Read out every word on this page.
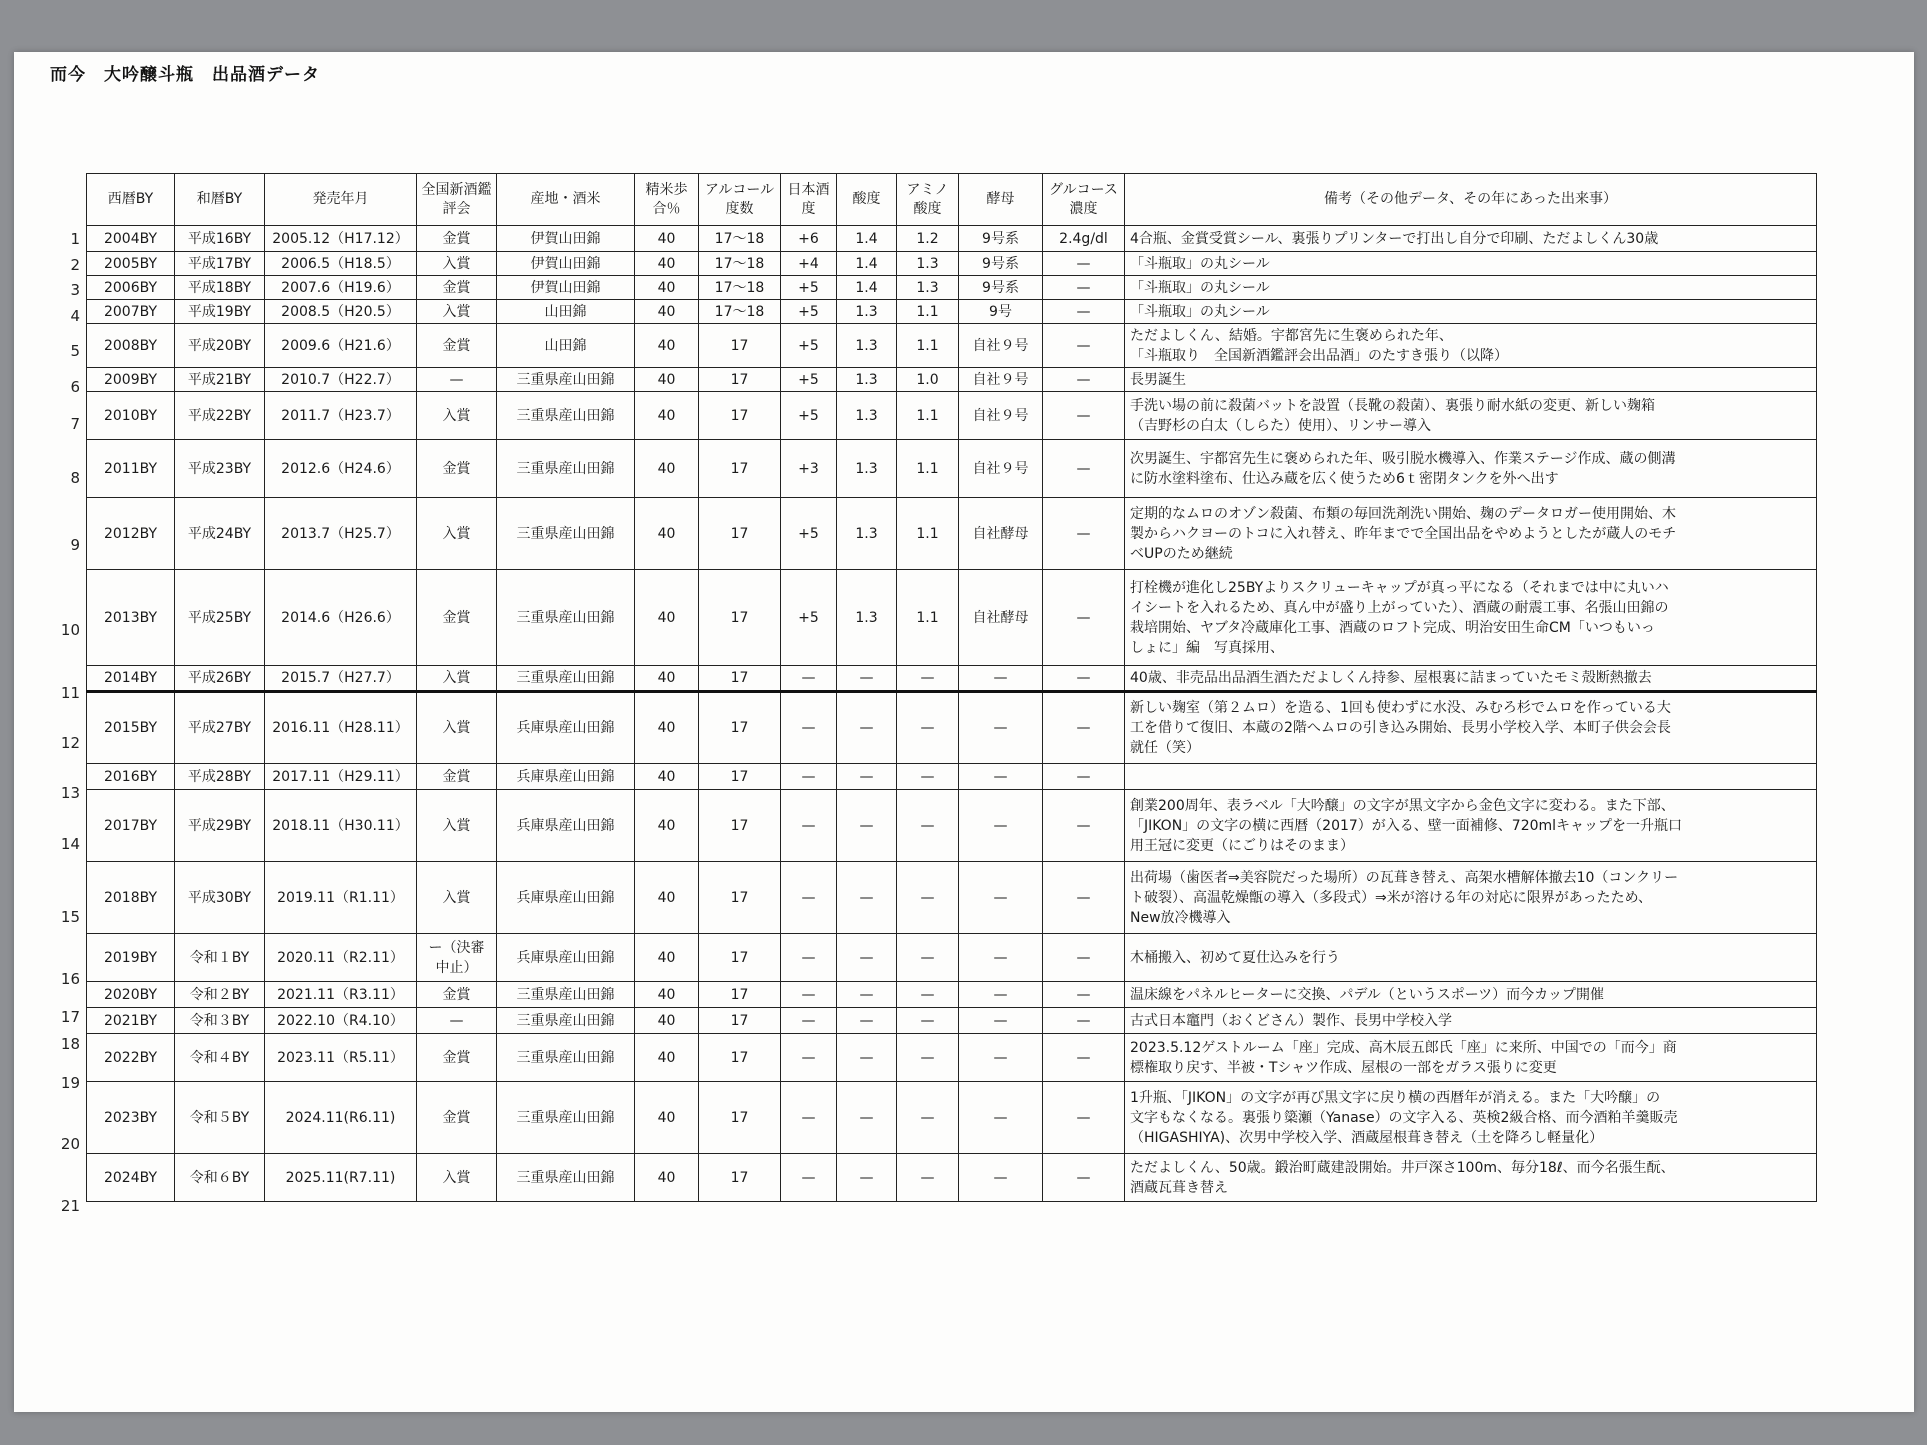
而今　大吟醸斗瓶　出品酒データ
1
2
3
4
5
6
7
8
9
10
11
12
13
14
15
16
17
18
19
20
21
西暦BY	和暦BY	発売年月	全国新酒鑑評会	産地・酒米	精米歩合％	アルコール度数	日本酒度	酸度	アミノ酸度	酵母	グルコース濃度	備考（その他データ、その年にあった出来事）
2004BY	平成16BY	2005.12（H17.12）	金賞	伊賀山田錦	40	17〜18	+6	1.4	1.2	9号系	2.4g/dl	4合瓶、金賞受賞シール、裏張りプリンターで打出し自分で印刷、ただよしくん30歳
2005BY	平成17BY	2006.5（H18.5）	入賞	伊賀山田錦	40	17〜18	+4	1.4	1.3	9号系	—	「斗瓶取」の丸シール
2006BY	平成18BY	2007.6（H19.6）	金賞	伊賀山田錦	40	17〜18	+5	1.4	1.3	9号系	—	「斗瓶取」の丸シール
2007BY	平成19BY	2008.5（H20.5）	入賞	山田錦	40	17〜18	+5	1.3	1.1	9号	—	「斗瓶取」の丸シール
2008BY	平成20BY	2009.6（H21.6）	金賞	山田錦	40	17	+5	1.3	1.1	自社９号	—	ただよしくん、結婚。宇都宮先に生褒められた年、
「斗瓶取り　全国新酒鑑評会出品酒」のたすき張り（以降）
2009BY	平成21BY	2010.7（H22.7）	—	三重県産山田錦	40	17	+5	1.3	1.0	自社９号	—	長男誕生
2010BY	平成22BY	2011.7（H23.7）	入賞	三重県産山田錦	40	17	+5	1.3	1.1	自社９号	—	手洗い場の前に殺菌バットを設置（長靴の殺菌）、裏張り耐水紙の変更、新しい麹箱
（吉野杉の白太（しらた）使用）、リンサー導入
2011BY	平成23BY	2012.6（H24.6）	金賞	三重県産山田錦	40	17	+3	1.3	1.1	自社９号	—	次男誕生、宇都宮先生に褒められた年、吸引脱水機導入、作業ステージ作成、蔵の側溝
に防水塗料塗布、仕込み蔵を広く使うため6ｔ密閉タンクを外へ出す
2012BY	平成24BY	2013.7（H25.7）	入賞	三重県産山田錦	40	17	+5	1.3	1.1	自社酵母	—	定期的なムロのオゾン殺菌、布類の毎回洗剤洗い開始、麹のデータロガー使用開始、木
製からハクヨーのトコに入れ替え、昨年までで全国出品をやめようとしたが蔵人のモチ
ベUPのため継続
2013BY	平成25BY	2014.6（H26.6）	金賞	三重県産山田錦	40	17	+5	1.3	1.1	自社酵母	—	打栓機が進化し25BYよりスクリューキャップが真っ平になる（それまでは中に丸いハ
イシートを入れるため、真ん中が盛り上がっていた）、酒蔵の耐震工事、名張山田錦の
栽培開始、ヤブタ冷蔵庫化工事、酒蔵のロフト完成、明治安田生命CM「いつもいっ
しょに」編　写真採用、
2014BY	平成26BY	2015.7（H27.7）	入賞	三重県産山田錦	40	17	—	—	—	—	—	40歳、非売品出品酒生酒ただよしくん持参、屋根裏に詰まっていたモミ殻断熱撤去
2015BY	平成27BY	2016.11（H28.11）	入賞	兵庫県産山田錦	40	17	—	—	—	—	—	新しい麹室（第２ムロ）を造る、1回も使わずに水没、みむろ杉でムロを作っている大
工を借りて復旧、本蔵の2階へムロの引き込み開始、長男小学校入学、本町子供会会長
就任（笑）
2016BY	平成28BY	2017.11（H29.11）	金賞	兵庫県産山田錦	40	17	—	—	—	—	—	
2017BY	平成29BY	2018.11（H30.11）	入賞	兵庫県産山田錦	40	17	—	—	—	—	—	創業200周年、表ラベル「大吟醸」の文字が黒文字から金色文字に変わる。また下部、
「JIKON」の文字の横に西暦（2017）が入る、壁一面補修、720mlキャップを一升瓶口
用王冠に変更（にごりはそのまま）
2018BY	平成30BY	2019.11（R1.11）	入賞	兵庫県産山田錦	40	17	—	—	—	—	—	出荷場（歯医者⇒美容院だった場所）の瓦葺き替え、高架水槽解体撤去10（コンクリー
ト破裂）、高温乾燥甑の導入（多段式）⇒米が溶ける年の対応に限界があったため、
New放冷機導入
2019BY	令和１BY	2020.11（R2.11）	ー（決審
中止）	兵庫県産山田錦	40	17	—	—	—	—	—	木桶搬入、初めて夏仕込みを行う
2020BY	令和２BY	2021.11（R3.11）	金賞	三重県産山田錦	40	17	—	—	—	—	—	温床線をパネルヒーターに交換、パデル（というスポーツ）而今カップ開催
2021BY	令和３BY	2022.10（R4.10）	—	三重県産山田錦	40	17	—	—	—	—	—	古式日本竈門（おくどさん）製作、長男中学校入学
2022BY	令和４BY	2023.11（R5.11）	金賞	三重県産山田錦	40	17	—	—	—	—	—	2023.5.12ゲストルーム「座」完成、高木辰五郎氏「座」に来所、中国での「而今」商
標権取り戻す、半被・Tシャツ作成、屋根の一部をガラス張りに変更
2023BY	令和５BY	2024.11(R6.11)	金賞	三重県産山田錦	40	17	—	—	—	—	—	1升瓶、「JIKON」の文字が再び黒文字に戻り横の西暦年が消える。また「大吟醸」の
文字もなくなる。裏張り簗瀬（Yanase）の文字入る、英検2級合格、而今酒粕羊羹販売
（HIGASHIYA)、次男中学校入学、酒蔵屋根葺き替え（土を降ろし軽量化）
2024BY	令和６BY	2025.11(R7.11)	入賞	三重県産山田錦	40	17	—	—	—	—	—	ただよしくん、50歳。鍛治町蔵建設開始。井戸深さ100m、毎分18ℓ、而今名張生酛、
酒蔵瓦葺き替え
